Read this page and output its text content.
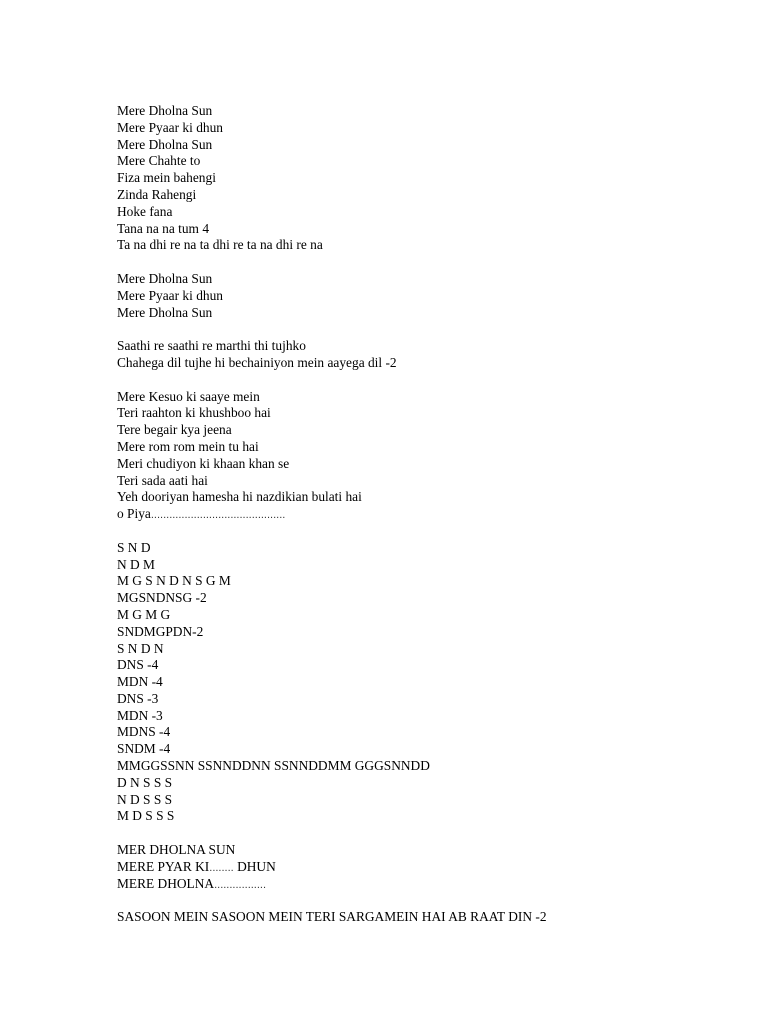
Mere Dholna Sun
Mere Pyaar ki dhun
Mere Dholna Sun
Mere Chahte to
Fiza mein bahengi
Zinda Rahengi
Hoke fana
Tana na na tum 4
Ta na dhi re na ta dhi re ta na dhi re na
Mere Dholna Sun
Mere Pyaar ki dhun
Mere Dholna Sun
Saathi re saathi re marthi thi tujhko
Chahega dil tujhe hi bechainiyon mein aayega dil -2
Mere Kesuo ki saaye mein
Teri raahton ki khushboo hai
Tere begair kya jeena
Mere rom rom mein tu hai
Meri chudiyon ki khaan khan se
Teri sada aati hai
Yeh dooriyan hamesha hi nazdikian bulati hai
o Piya............................................
S N D
N D M
M G S N D N S G M
MGSNDNSG -2
M G M G
SNDMGPDN-2
S N D N
DNS -4
MDN -4
DNS -3
MDN -3
MDNS -4
SNDM -4
MMGGSSNN SSNNDDNN SSNNDDMM GGGSNNDD
D N S S S
N D S S S
M D S S S
MER DHOLNA SUN
MERE PYAR KI........ DHUN
MERE DHOLNA.................
SASOON MEIN SASOON MEIN TERI SARGAMEIN HAI AB RAAT DIN -2
